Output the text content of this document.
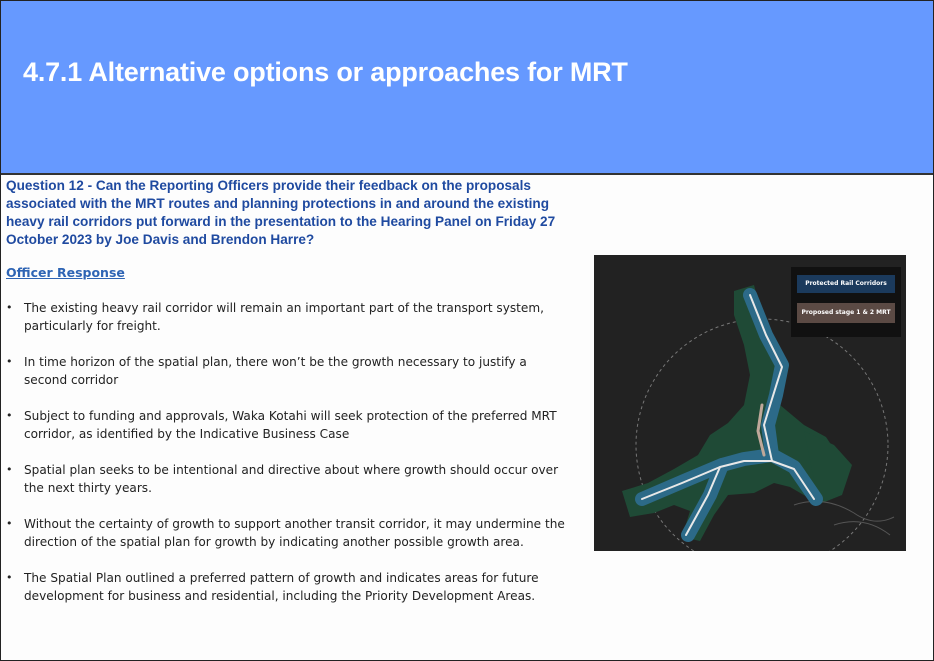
4.7.1 Alternative options or approaches for MRT
Question 12 - Can the Reporting Officers provide their feedback on the proposals associated with the MRT routes and planning protections in and around the existing heavy rail corridors put forward in the presentation to the Hearing Panel on Friday 27 October 2023 by Joe Davis and Brendon Harre?
Officer Response
• The existing heavy rail corridor will remain an important part of the transport system, particularly for freight.
• In time horizon of the spatial plan, there won’t be the growth necessary to justify a second corridor
• Subject to funding and approvals, Waka Kotahi will seek protection of the preferred MRT corridor, as identified by the Indicative Business Case
• Spatial plan seeks to be intentional and directive about where growth should occur over the next thirty years.
• Without the certainty of growth to support another transit corridor, it may undermine the direction of the spatial plan for growth by indicating another possible growth area.
• The Spatial Plan outlined a preferred pattern of growth and indicates areas for future development for business and residential, including the Priority Development Areas.
Protected Rail Corridors
Proposed stage 1 & 2 MRT
